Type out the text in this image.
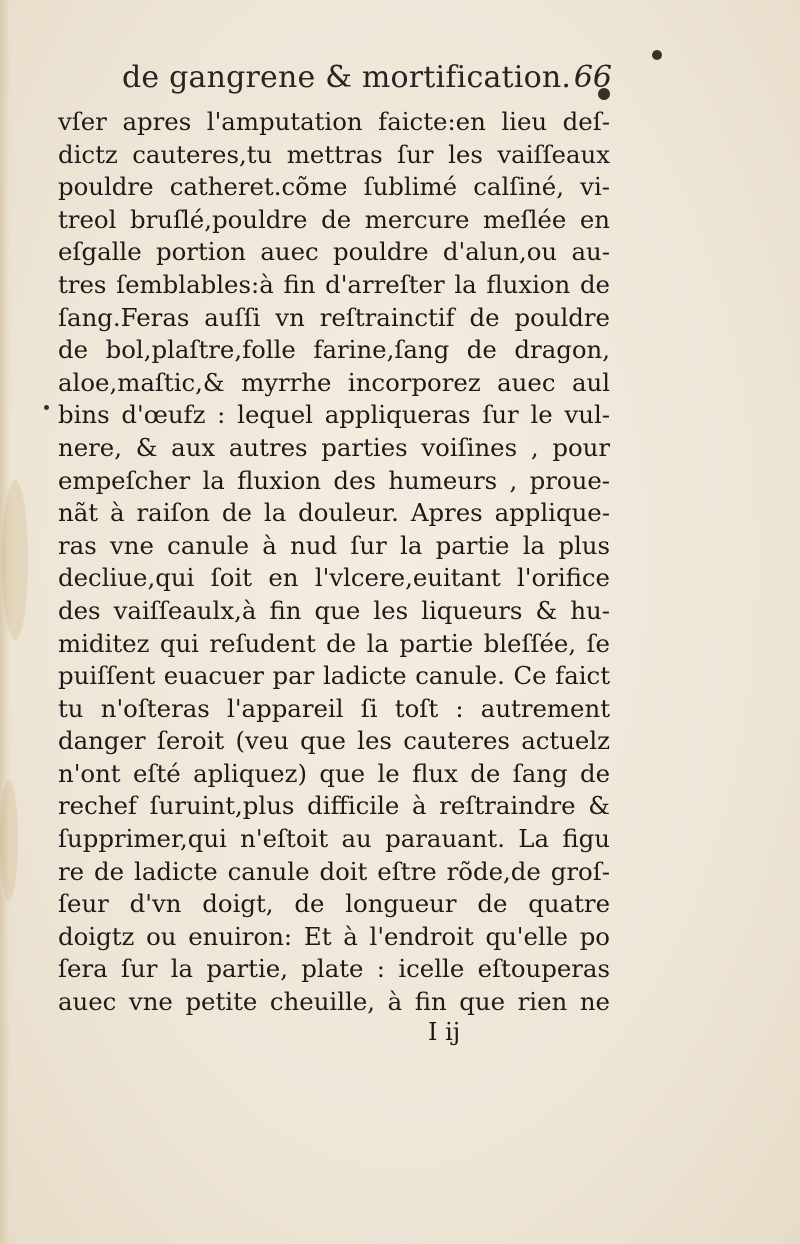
de gangrene & mortification. 66
vſer apres l'amputation faicte:en lieu deſ-
dictz cauteres,tu mettras ſur les vaiſſeaux
pouldre catheret.cõme ſublimé calſiné, vi-
treol bruſlé,pouldre de mercure meſlée en
eſgalle portion auec pouldre d'alun,ou au-
tres ſemblables:à fin d'arreſter la fluxion de
ſang.Feras auſſi vn reſtrainctif de pouldre
de bol,plaſtre,folle farine,ſang de dragon,
aloe,maſtic,& myrrhe incorporez auec aul
bins d'œufz : lequel appliqueras ſur le vul-
nere, & aux autres parties voiſines , pour
empeſcher la fluxion des humeurs , proue-
nãt à raiſon de la douleur. Apres applique-
ras vne canule à nud ſur la partie la plus
decliue,qui ſoit en l'vlcere,euitant l'orifice
des vaiſſeaulx,à fin que les liqueurs & hu-
miditez qui reſudent de la partie bleſſée, ſe
puiſſent euacuer par ladicte canule. Ce faict
tu n'oſteras l'appareil ſi toſt : autrement
danger ſeroit (veu que les cauteres actuelz
n'ont eſté apliquez) que le flux de ſang de
rechef ſuruint,plus difficile à reſtraindre &
ſupprimer,qui n'eſtoit au parauant. La figu
re de ladicte canule doit eſtre rõde,de groſ-
ſeur d'vn doigt, de longueur de quatre
doigtz ou enuiron: Et à l'endroit qu'elle po
ſera ſur la partie, plate : icelle eſtouperas
auec vne petite cheuille, à fin que rien ne
I ij
